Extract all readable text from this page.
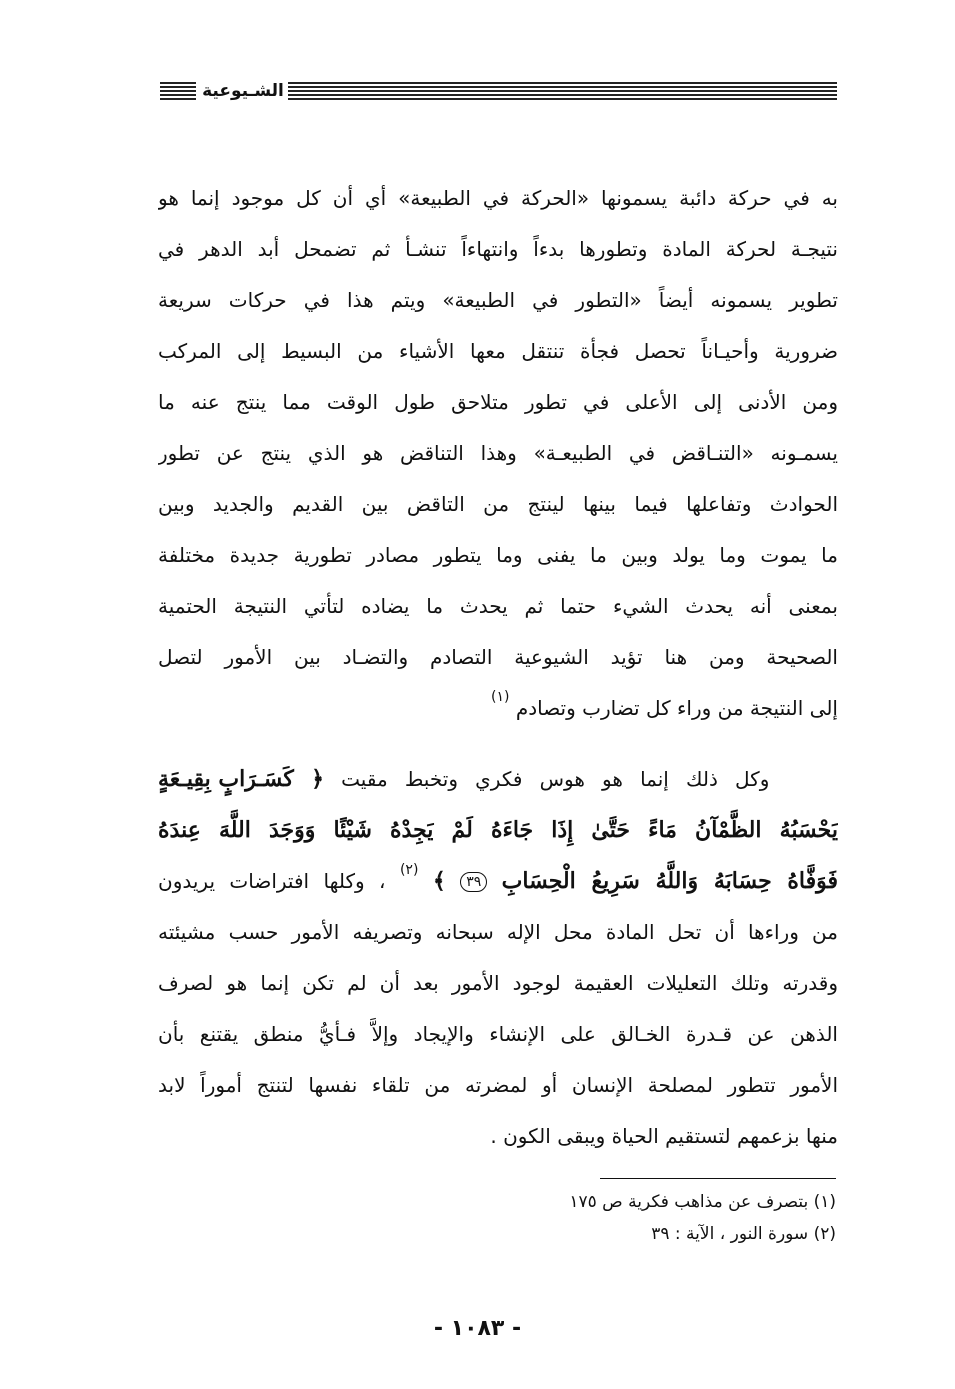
الشـيوعية

به في حركة دائبة يسمونها «الحركة في الطبيعة» أي أن كل موجود إنما هو
نتيجـة لحركة المادة وتطورها بدءاً وانتهاءاً تنشـأ ثم تضمحل أبد الدهر في
تطوير يسمونه أيضاً «التطور في الطبيعة» ويتم هذا في حركات سريعة
ضرورية وأحيـاناً تحصل فجأة تنتقل معها الأشياء من البسيط إلى المركب
ومن الأدنى إلى الأعلى في تطور متلاحق طول الوقت مما ينتج عنه ما
يسمـونه «التنـاقض في الطبيعـة» وهذا التناقض هو الذي ينتج عن تطور
الحوادث وتفاعلها فيما بينها لينتج من التاقض بين القديم والجديد وبين
ما يموت وما يولد وبين ما يفنى وما يتطور مصادر تطورية جديدة مختلفة
بمعنى أنه يحدث الشيء حتما ثم يحدث ما يضاده لتأتي النتيجة الحتمية
الصحيحة ومن هنا تؤيد الشيوعية التصادم والتضـاد بين الأمور لتصل
إلى النتيجة من وراء كل تضارب وتصادم $^{(١)}$

وكل ذلك إنما هو هوس فكري وتخبط مقيت ﴿ كَسَـرَابٍ بِقِيـعَةٍ
يَحْسَبُهُ الظَّمْآنُ مَاءً حَتَّىٰ إِذَا جَاءَهُ لَمْ يَجِدْهُ شَيْئًا وَوَجَدَ اللَّهَ عِندَهُ
فَوَفَّاهُ حِسَابَهُ وَاللَّهُ سَرِيعُ الْحِسَابِ ٣٩ ﴾ $^{(٢)}$ ، وكلها افتراضات يريدون
من وراءها أن تحل المادة محل الإله سبحانه وتصريفه الأمور حسب مشيئته
وقدرته وتلك التعليلات العقيمة لوجود الأمور بعد أن لم تكن إنما هو لصرف
الذهن عن قـدرة الخـالق على الإنشاء والإيجاد وإلاَّ فـأيُّ منطق يقتنع بأن
الأمور تتطور لمصلحة الإنسان أو لمضرته من تلقاء نفسها لتنتج أموراً لابد
منها بزعمهم لتستقيم الحياة ويبقى الكون .

(١) بتصرف عن مذاهب فكرية ص ١٧٥
(٢) سورة النور ، الآية : ٣٩
- ١٠٨٣ -
